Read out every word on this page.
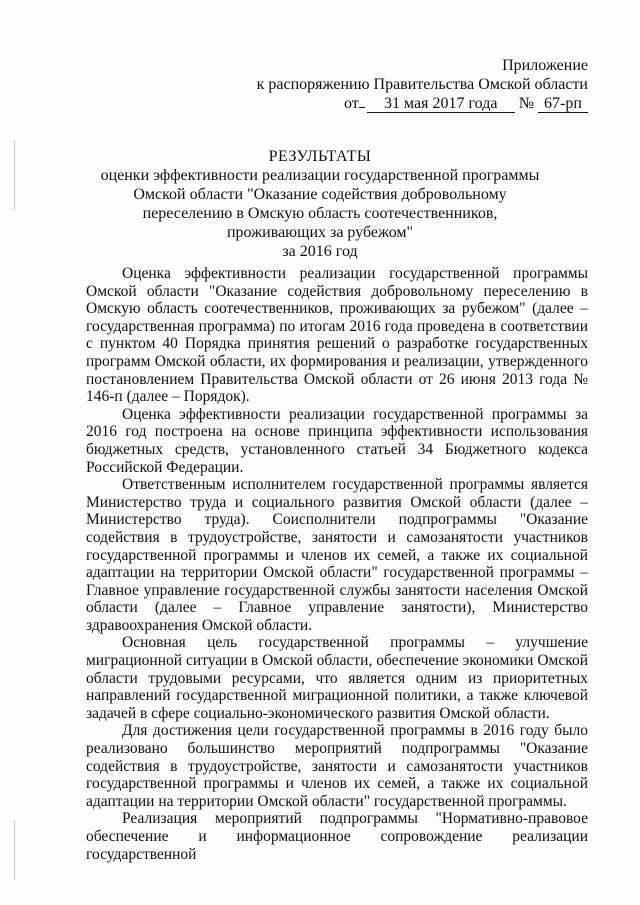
Приложение
к распоряжению Правительства Омской области
от 31 мая 2017 года № 67-рп
РЕЗУЛЬТАТЫ
оценки эффективности реализации государственной программы
Омской области "Оказание содействия добровольному
переселению в Омскую область соотечественников,
проживающих за рубежом"
за 2016 год

Оценка эффективности реализации государственной программы Омской области "Оказание содействия добровольному переселению в Омскую область соотечественников, проживающих за рубежом" (далее – государственная программа) по итогам 2016 года проведена в соответствии с пунктом 40 Порядка принятия решений о разработке государственных программ Омской области, их формирования и реализации, утвержденного постановлением Правительства Омской области от 26 июня 2013 года № 146-п (далее – Порядок).

Оценка эффективности реализации государственной программы за 2016 год построена на основе принципа эффективности использования бюджетных средств, установленного статьей 34 Бюджетного кодекса Российской Федерации.

Ответственным исполнителем государственной программы является Министерство труда и социального развития Омской области (далее – Министерство труда). Соисполнители подпрограммы "Оказание содействия в трудоустройстве, занятости и самозанятости участников государственной программы и членов их семей, а также их социальной адаптации на территории Омской области" государственной программы – Главное управление государственной службы занятости населения Омской области (далее – Главное управление занятости), Министерство здравоохранения Омской области.

Основная цель государственной программы – улучшение миграционной ситуации в Омской области, обеспечение экономики Омской области трудовыми ресурсами, что является одним из приоритетных направлений государственной миграционной политики, а также ключевой задачей в сфере социально-экономического развития Омской области.

Для достижения цели государственной программы в 2016 году было реализовано большинство мероприятий подпрограммы "Оказание содействия в трудоустройстве, занятости и самозанятости участников государственной программы и членов их семей, а также их социальной адаптации на территории Омской области" государственной программы.

Реализация мероприятий подпрограммы "Нормативно-правовое обеспечение и информационное сопровождение реализации государственной
